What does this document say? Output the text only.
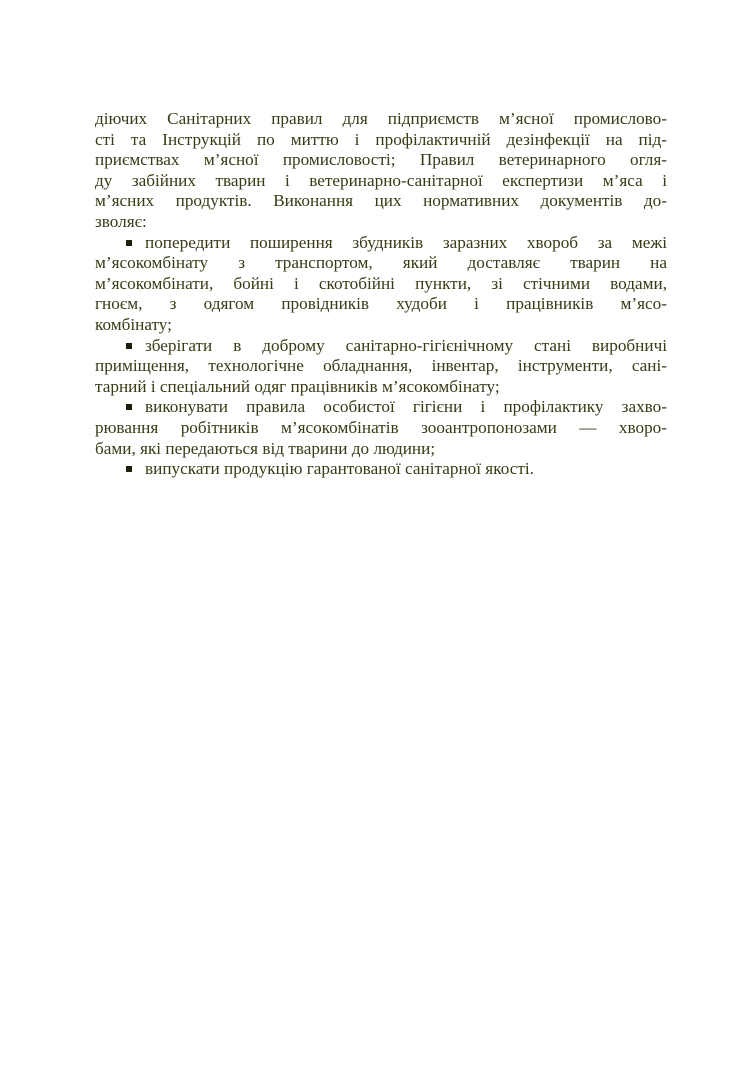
діючих Санітарних правил для підприємств м’ясної промислово-
сті та Інструкцій по миттю і профілактичній дезінфекції на під-
приємствах м’ясної промисловості; Правил ветеринарного огля-
ду забійних тварин і ветеринарно-санітарної експертизи м’яса і
м’ясних продуктів. Виконання цих нормативних документів до-
зволяє:

попередити поширення збудників заразних хвороб за межі
м’ясокомбінату з транспортом, який доставляє тварин на
м’ясокомбінати, бойні і скотобійні пункти, зі стічними водами,
гноєм, з одягом провідників худоби і працівників м’ясо-
комбінату;
зберігати в доброму санітарно-гігієнічному стані виробничі
приміщення, технологічне обладнання, інвентар, інструменти, сані-
тарний і спеціальний одяг працівників м’ясокомбінату;
виконувати правила особистої гігієни і профілактику захво-
рювання робітників м’ясокомбінатів зооантропонозами — хворо-
бами, які передаються від тварини до людини;
випускати продукцію гарантованої санітарної якості.
